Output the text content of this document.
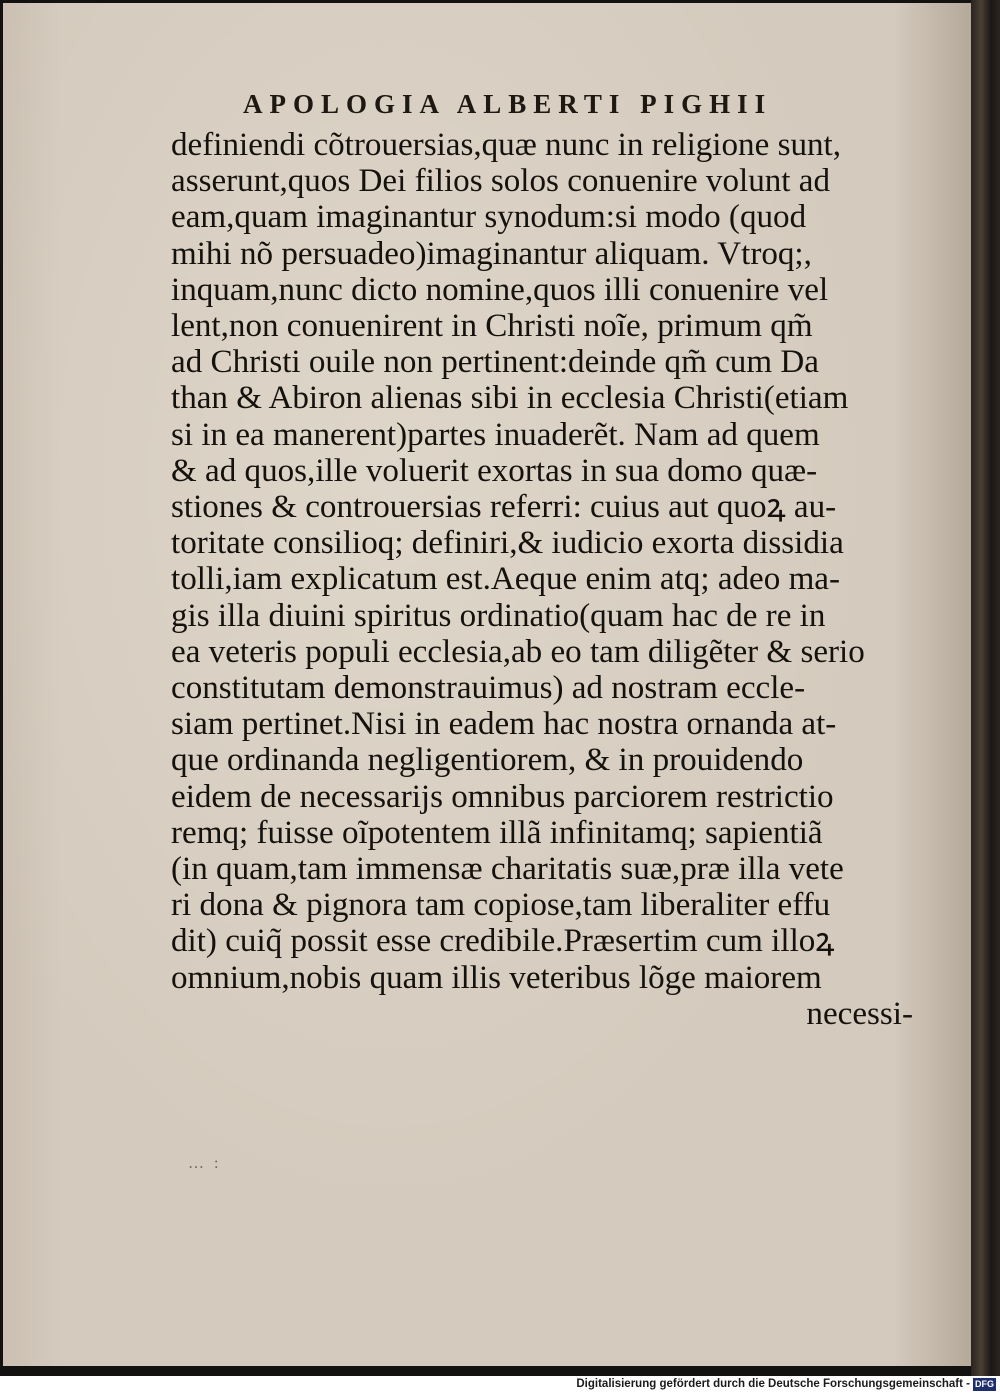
APOLOGIA ALBERTI PIGHII
definiendi cõtrouersias,quæ nunc in religione sunt,
asserunt,quos Dei filios solos conuenire volunt ad
eam,quam imaginantur synodum:si modo (quod
mihi nõ persuadeo)imaginantur aliquam. Vtroq;,
inquam,nunc dicto nomine,quos illi conuenire vel
lent,non conuenirent in Christi noĩe, primum qm̃
ad Christi ouile non pertinent:deinde qm̃ cum Da
than & Abiron alienas sibi in ecclesia Christi(etiam
si in ea manerent)partes inuaderẽt. Nam ad quem
& ad quos,ille voluerit exortas in sua domo quæ-
stiones & controuersias referri: cuius aut quoꝝ au-
toritate consilioq; definiri,& iudicio exorta dissidia
tolli,iam explicatum est.Aeque enim atq; adeo ma-
gis illa diuini spiritus ordinatio(quam hac de re in
ea veteris populi ecclesia,ab eo tam diligẽter & serio
constitutam demonstrauimus) ad nostram eccle-
siam pertinet.Nisi in eadem hac nostra ornanda at-
que ordinanda negligentiorem, & in prouidendo
eidem de necessarijs omnibus parciorem restrictio
remq; fuisse oĩpotentem illã infinitamq; sapientiã
(in quam,tam immensæ charitatis suæ,præ illa vete
ri dona & pignora tam copiose,tam liberaliter effu
dit) cuiq̃ possit esse credibile.Præsertim cum illoꝝ
omnium,nobis quam illis veteribus lõge maiorem
necessi-
… :
Digitalisierung gefördert durch die Deutsche Forschungsgemeinschaft - DFG
